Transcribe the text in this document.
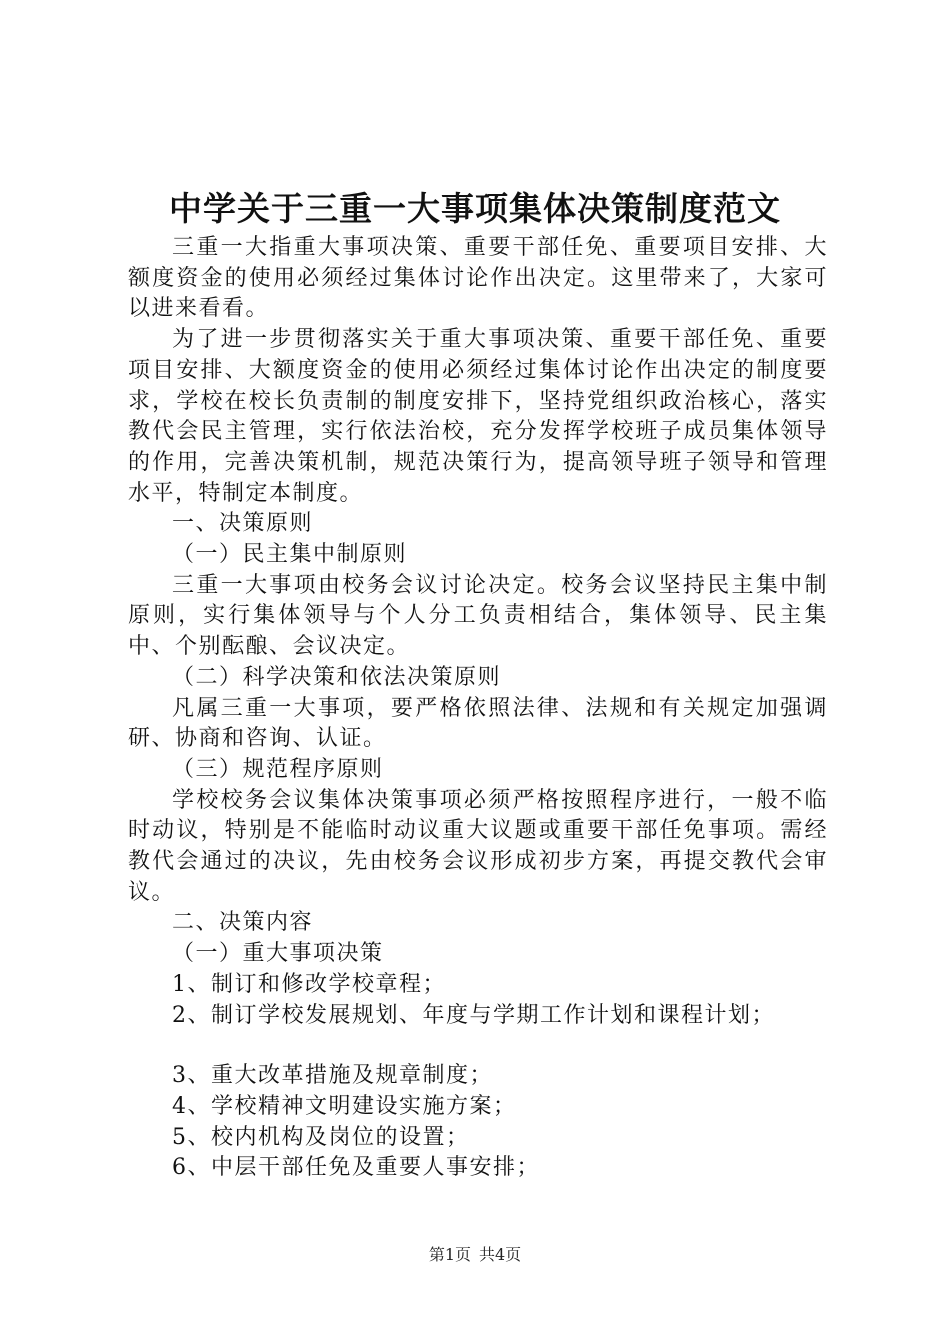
中学关于三重一大事项集体决策制度范文

三重一大指重大事项决策、重要干部任免、重要项目安排、大额度资金的使用必须经过集体讨论作出决定。这里带来了，大家可以进来看看。

为了进一步贯彻落实关于重大事项决策、重要干部任免、重要项目安排、大额度资金的使用必须经过集体讨论作出决定的制度要求，学校在校长负责制的制度安排下，坚持党组织政治核心，落实教代会民主管理，实行依法治校，充分发挥学校班子成员集体领导的作用，完善决策机制，规范决策行为，提高领导班子领导和管理水平，特制定本制度。

一、决策原则

（一）民主集中制原则

三重一大事项由校务会议讨论决定。校务会议坚持民主集中制原则，实行集体领导与个人分工负责相结合，集体领导、民主集中、个别酝酿、会议决定。

（二）科学决策和依法决策原则

凡属三重一大事项，要严格依照法律、法规和有关规定加强调研、协商和咨询、认证。

（三）规范程序原则

学校校务会议集体决策事项必须严格按照程序进行，一般不临时动议，特别是不能临时动议重大议题或重要干部任免事项。需经教代会通过的决议，先由校务会议形成初步方案，再提交教代会审议。

二、决策内容

（一）重大事项决策

1、制订和修改学校章程；

2、制订学校发展规划、年度与学期工作计划和课程计划；

3、重大改革措施及规章制度；

4、学校精神文明建设实施方案；

5、校内机构及岗位的设置；

6、中层干部任免及重要人事安排；

第1页 共4页
